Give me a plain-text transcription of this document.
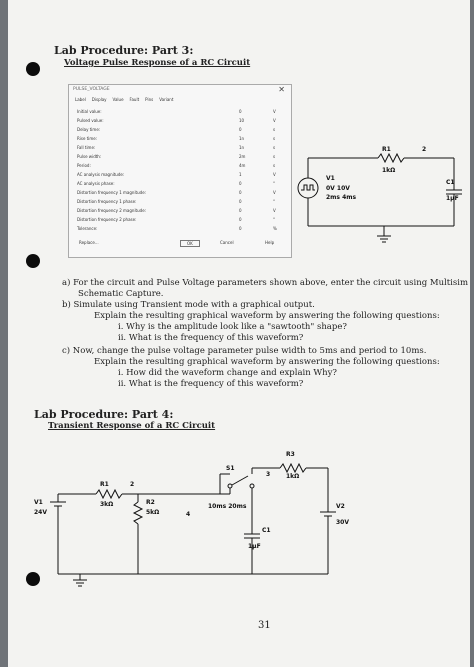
Lab Procedure: Part 3:
Voltage Pulse Response of a RC Circuit
PULSE_VOLTAGE	✕
Label Display Value Fault Pins Variant
Initial value:	0	V
Pulsed value:	10	V
Delay time:	0	s
Rise time:	1n	s
Fall time:	1n	s
Pulse width:	2m	s
Period:	4m	s
AC analysis magnitude:	1	V
AC analysis phase:	0	°
Distortion frequency 1 magnitude:	0	V
Distortion frequency 1 phase:	0	°
Distortion frequency 2 magnitude:	0	V
Distortion frequency 2 phase:	0	°
Tolerance:	0	%
Replace...	OK	Cancel	Help
R1	2
1kΩ
V1
0V 10V
2ms 4ms
C1
1μF
a) For the circuit and Pulse Voltage parameters shown above, enter the circuit using Multisim
Schematic Capture.
b) Simulate using Transient mode with a graphical output.
Explain the resulting graphical waveform by answering the following questions:
i. Why is the amplitude look like a "sawtooth" shape?
ii. What is the frequency of this waveform?
c) Now, change the pulse voltage parameter pulse width to 5ms and period to 10ms.
Explain the resulting graphical waveform by answering the following questions:
i. How did the waveform change and explain Why?
ii. What is the frequency of this waveform?
Lab Procedure: Part 4:
Transient Response of a RC Circuit
V1
24V
R1
3kΩ
2
R2
5kΩ	4
S1
10ms 20ms
R3
1kΩ
3
V2
30V
C1
1μF
31
